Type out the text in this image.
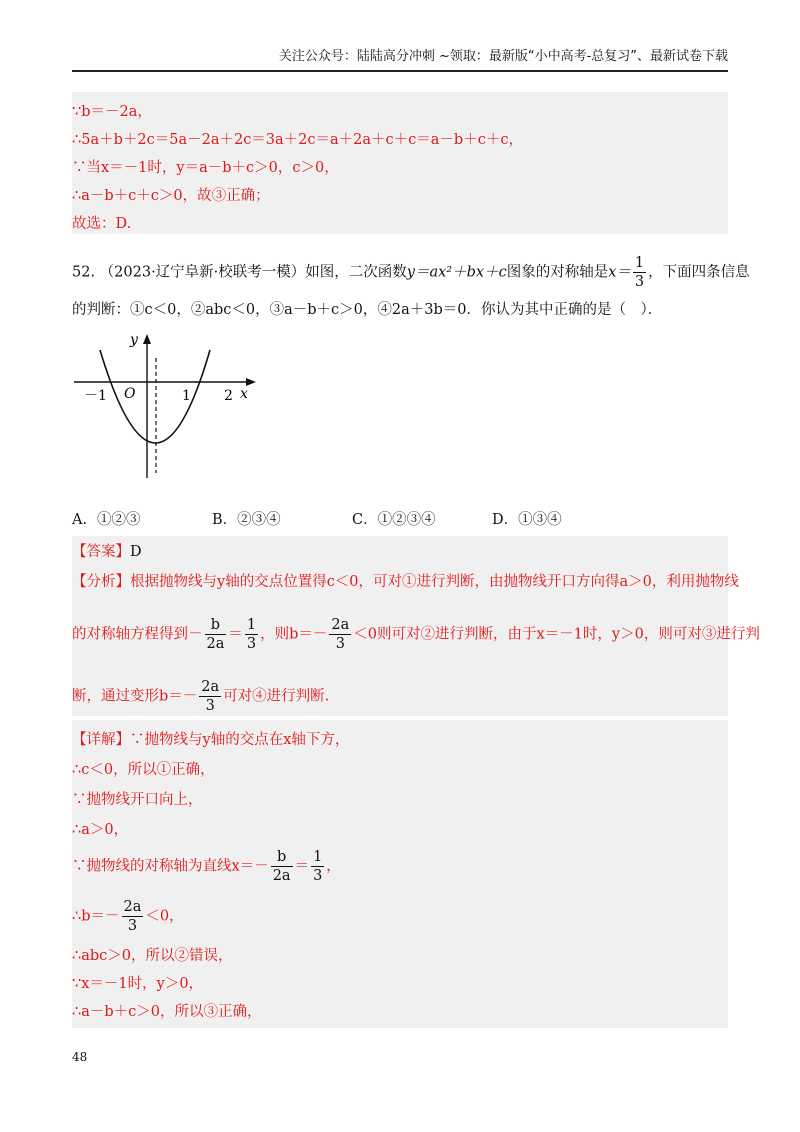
关注公众号：陆陆高分冲刺 ~领取：最新版“小中高考-总复习”、最新试卷下载
∵b＝－2a，
∴5a＋b＋2c＝5a－2a＋2c＝3a＋2c＝a＋2a＋c＋c＝a－b＋c＋c，
∵当x＝－1时，y＝a－b＋c＞0，c＞0，
∴a－b＋c＋c＞0，故③正确；
故选：D.
52. （2023·辽宁阜新·校联考一模）如图，二次函数y＝ax²＋bx＋c图象的对称轴是$x= \frac{1}{3}$ ，下面四条信息
的判断：①c＜0，②abc＜0，③a－b＋c＞0，④2a＋3b＝0．你认为其中正确的是（　）．
y
x
O
－1	1 2
A．①②③	B．②③④	C．①②③④	D．①③④
【答案】D
【分析】根据抛物线与y轴的交点位置得c＜0，可对①进行判断，由抛物线开口方向得a＞0，利用抛物线
的对称轴方程得到－ $\frac{b}{2a} = \frac{1}{3}$ ，则$b=- \frac{2a}{3} <0$则可对②进行判断，由于x＝－1时，y＞0，则可对③进行判
断，通过变形$b=- \frac{2a}{3}$ 可对④进行判断.
【详解】∵抛物线与y轴的交点在x轴下方，
∴c＜0，所以①正确，
∵抛物线开口向上，
∴a＞0，
∵抛物线的对称轴为直线$x=- \frac{b}{2a} = \frac{1}{3}$ ，
∴b＝－ $\frac{2a}{3} <0$，
∴abc＞0，所以②错误，
∵x＝－1时，y＞0，
∴a－b＋c＞0，所以③正确，
48
